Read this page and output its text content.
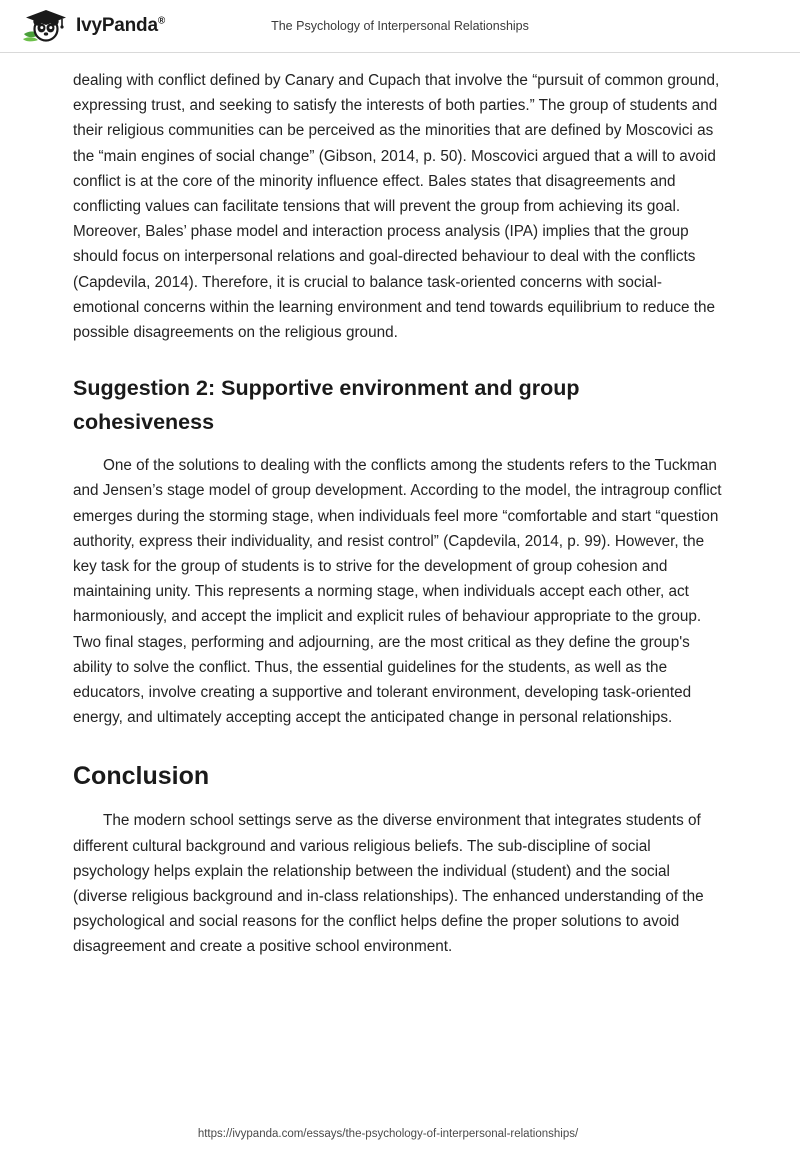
IvyPanda®	The Psychology of Interpersonal Relationships

dealing with conflict defined by Canary and Cupach that involve the “pursuit of common ground, expressing trust, and seeking to satisfy the interests of both parties.” The group of students and their religious communities can be perceived as the minorities that are defined by Moscovici as the “main engines of social change” (Gibson, 2014, p. 50). Moscovici argued that a will to avoid conflict is at the core of the minority influence effect. Bales states that disagreements and conflicting values can facilitate tensions that will prevent the group from achieving its goal. Moreover, Bales’ phase model and interaction process analysis (IPA) implies that the group should focus on interpersonal relations and goal-directed behaviour to deal with the conflicts (Capdevila, 2014). Therefore, it is crucial to balance task-oriented concerns with social-emotional concerns within the learning environment and tend towards equilibrium to reduce the possible disagreements on the religious ground.

Suggestion 2: Supportive environment and group cohesiveness

One of the solutions to dealing with the conflicts among the students refers to the Tuckman and Jensen’s stage model of group development. According to the model, the intragroup conflict emerges during the storming stage, when individuals feel more “comfortable and start “question authority, express their individuality, and resist control” (Capdevila, 2014, p. 99). However, the key task for the group of students is to strive for the development of group cohesion and maintaining unity. This represents a norming stage, when individuals accept each other, act harmoniously, and accept the implicit and explicit rules of behaviour appropriate to the group. Two final stages, performing and adjourning, are the most critical as they define the group's ability to solve the conflict. Thus, the essential guidelines for the students, as well as the educators, involve creating a supportive and tolerant environment, developing task-oriented energy, and ultimately accepting accept the anticipated change in personal relationships.

Conclusion

The modern school settings serve as the diverse environment that integrates students of different cultural background and various religious beliefs. The sub-discipline of social psychology helps explain the relationship between the individual (student) and the social (diverse religious background and in-class relationships). The enhanced understanding of the psychological and social reasons for the conflict helps define the proper solutions to avoid disagreement and create a positive school environment.

https://ivypanda.com/essays/the-psychology-of-interpersonal-relationships/
